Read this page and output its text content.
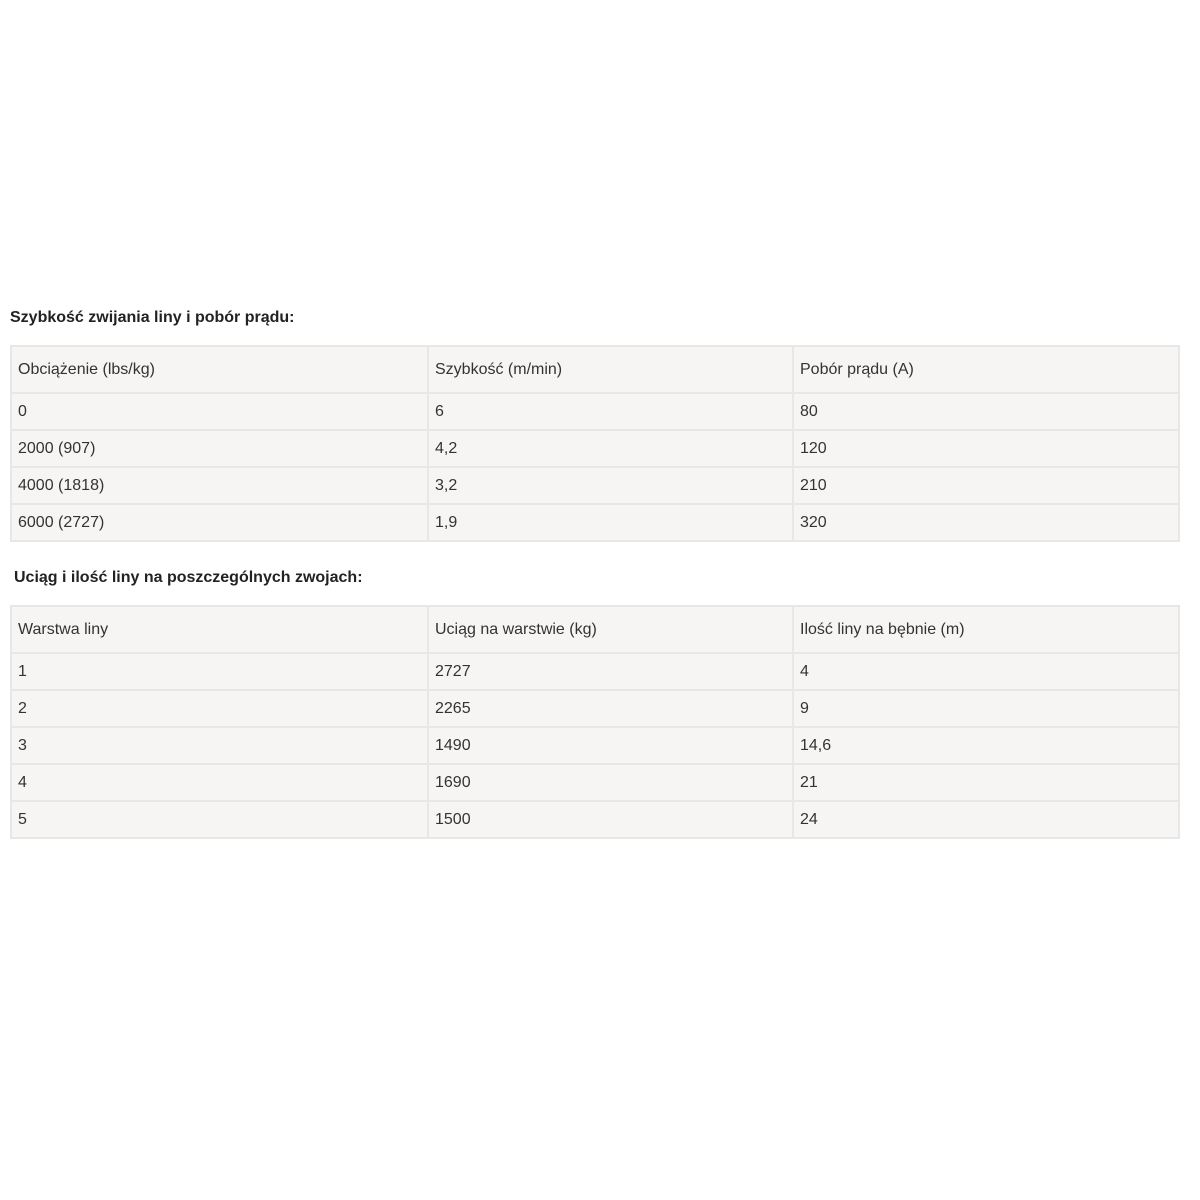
Szybkość zwijania liny i pobór prądu:
Obciążenie (lbs/kg)	Szybkość (m/min)	Pobór prądu (A)
0	6	80
2000 (907)	4,2	120
4000 (1818)	3,2	210
6000 (2727)	1,9	320
Uciąg i ilość liny na poszczególnych zwojach:
Warstwa liny	Uciąg na warstwie (kg)	Ilość liny na bębnie (m)
1	2727	4
2	2265	9
3	1490	14,6
4	1690	21
5	1500	24
